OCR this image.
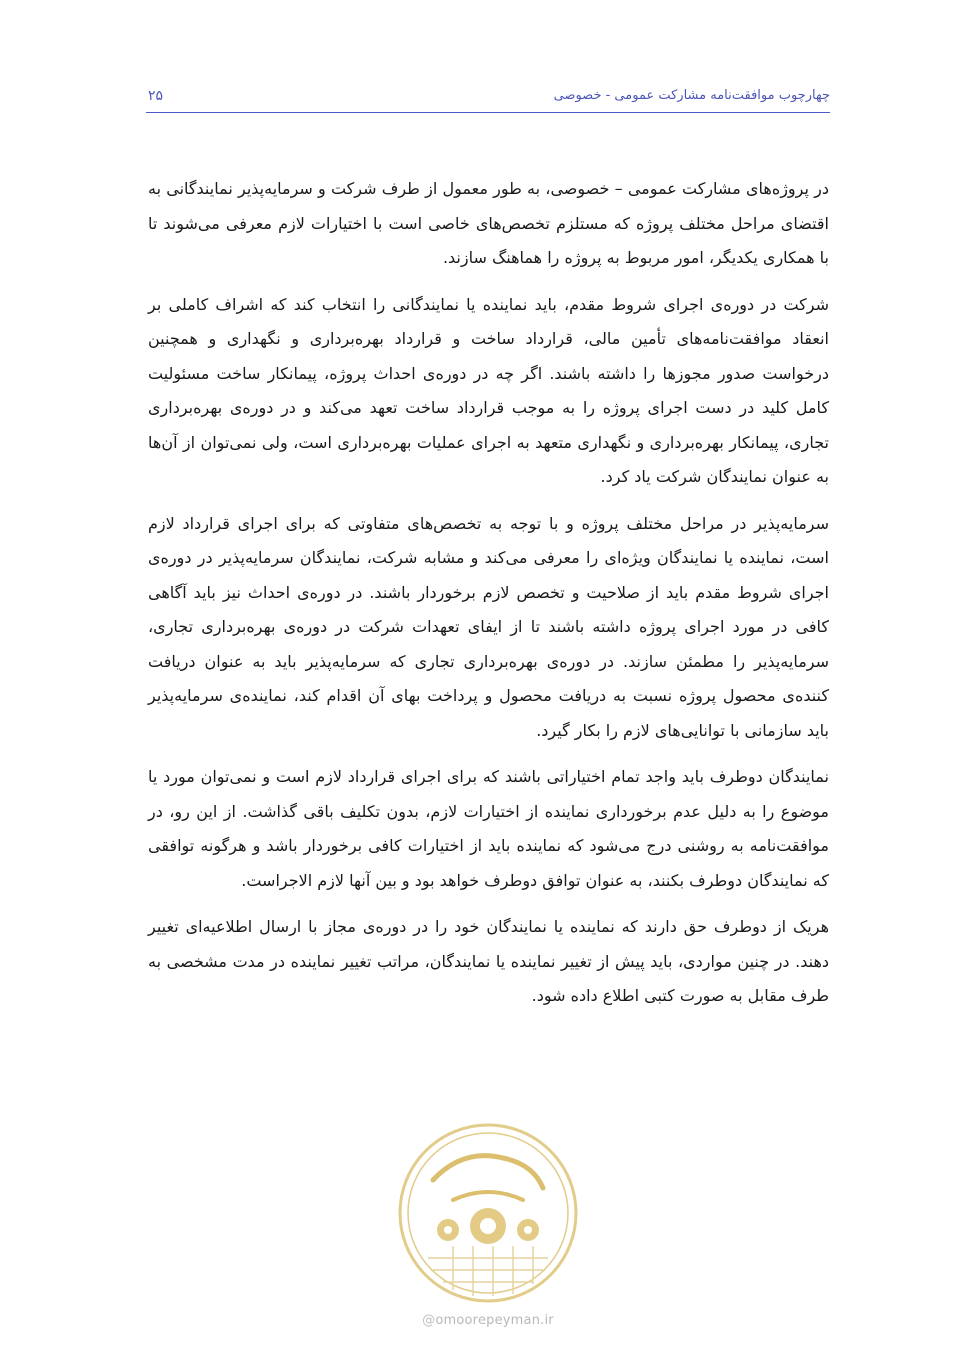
چهارچوب موافقت‌نامه مشارکت عمومی - خصوصی
۲۵

در پروژه‌های مشارکت عمومی – خصوصی، به طور معمول از طرف شرکت و سرمایه‌پذیر نمایندگانی به اقتضای مراحل مختلف پروژه که مستلزم تخصص‌های خاصی است با اختیارات لازم معرفی می‌شوند تا با همکاری یکدیگر، امور مربوط به پروژه را هماهنگ سازند.

شرکت در دوره‌ی اجرای شروط مقدم، باید نماینده یا نمایندگانی را انتخاب کند که اشراف کاملی بر انعقاد موافقت‌نامه‌های تأمین مالی، قرارداد ساخت و قرارداد بهره‌برداری و نگهداری و همچنین درخواست صدور مجوزها را داشته باشند. اگر چه در دوره‌ی احداث پروژه، پیمانکار ساخت مسئولیت کامل کلید در دست اجرای پروژه را به موجب قرارداد ساخت تعهد می‌کند و در دوره‌ی بهره‌برداری تجاری، پیمانکار بهره‌برداری و نگهداری متعهد به اجرای عملیات بهره‌برداری است، ولی نمی‌توان از آن‌ها به عنوان نمایندگان شرکت یاد کرد.

سرمایه‌پذیر در مراحل مختلف پروژه و با توجه به تخصص‌های متفاوتی که برای اجرای قرارداد لازم است، نماینده یا نمایندگان ویژه‌ای را معرفی می‌کند و مشابه شرکت، نمایندگان سرمایه‌پذیر در دوره‌ی اجرای شروط مقدم باید از صلاحیت و تخصص لازم برخوردار باشند. در دوره‌ی احداث نیز باید آگاهی کافی در مورد اجرای پروژه داشته باشند تا از ایفای تعهدات شرکت در دوره‌ی بهره‌برداری تجاری، سرمایه‌پذیر را مطمئن سازند. در دوره‌ی بهره‌برداری تجاری که سرمایه‌پذیر باید به عنوان دریافت کننده‌ی محصول پروژه نسبت به دریافت محصول و پرداخت بهای آن اقدام کند، نماینده‌ی سرمایه‌پذیر باید سازمانی با توانایی‌های لازم را بکار گیرد.

نمایندگان دوطرف باید واجد تمام اختیاراتی باشند که برای اجرای قرارداد لازم است و نمی‌توان مورد یا موضوع را به دلیل عدم برخورداری نماینده از اختیارات لازم، بدون تکلیف باقی گذاشت. از این رو، در موافقت‌نامه به روشنی درج می‌شود که نماینده باید از اختیارات کافی برخوردار باشد و هرگونه توافقی که نمایندگان دوطرف بکنند، به عنوان توافق دوطرف خواهد بود و بین آنها لازم الاجراست.

هریک از دوطرف حق دارند که نماینده یا نمایندگان خود را در دوره‌ی مجاز با ارسال اطلاعیه‌ای تغییر دهند. در چنین مواردی، باید پیش از تغییر نماینده یا نمایندگان، مراتب تغییر نماینده در مدت مشخصی به طرف مقابل به صورت کتبی اطلاع داده شود.

@omoorepeyman.ir
